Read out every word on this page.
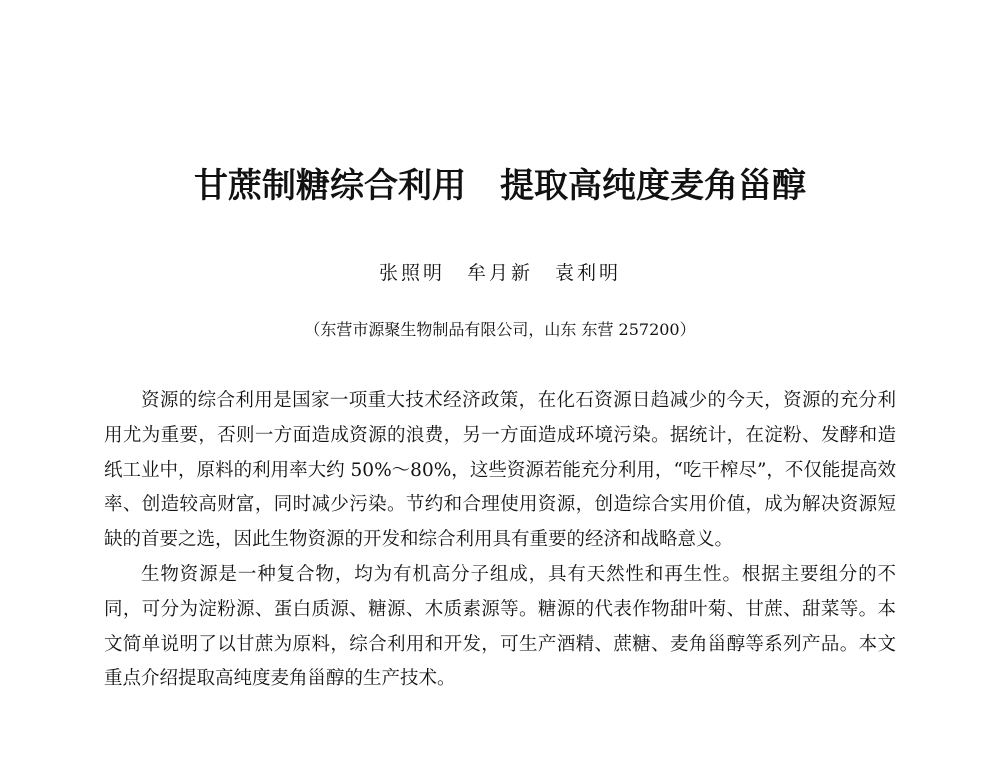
甘蔗制糖综合利用　提取高纯度麦角甾醇
张照明　牟月新　袁利明
（东营市源聚生物制品有限公司，山东 东营 257200）

资源的综合利用是国家一项重大技术经济政策，在化石资源日趋减少的今天，资源的充分利用尤为重要，否则一方面造成资源的浪费，另一方面造成环境污染。据统计，在淀粉、发酵和造纸工业中，原料的利用率大约 50%～80%，这些资源若能充分利用，“吃干榨尽”，不仅能提高效率、创造较高财富，同时减少污染。节约和合理使用资源，创造综合实用价值，成为解决资源短缺的首要之选，因此生物资源的开发和综合利用具有重要的经济和战略意义。

生物资源是一种复合物，均为有机高分子组成，具有天然性和再生性。根据主要组分的不同，可分为淀粉源、蛋白质源、糖源、木质素源等。糖源的代表作物甜叶菊、甘蔗、甜菜等。本文简单说明了以甘蔗为原料，综合利用和开发，可生产酒精、蔗糖、麦角甾醇等系列产品。本文重点介绍提取高纯度麦角甾醇的生产技术。
